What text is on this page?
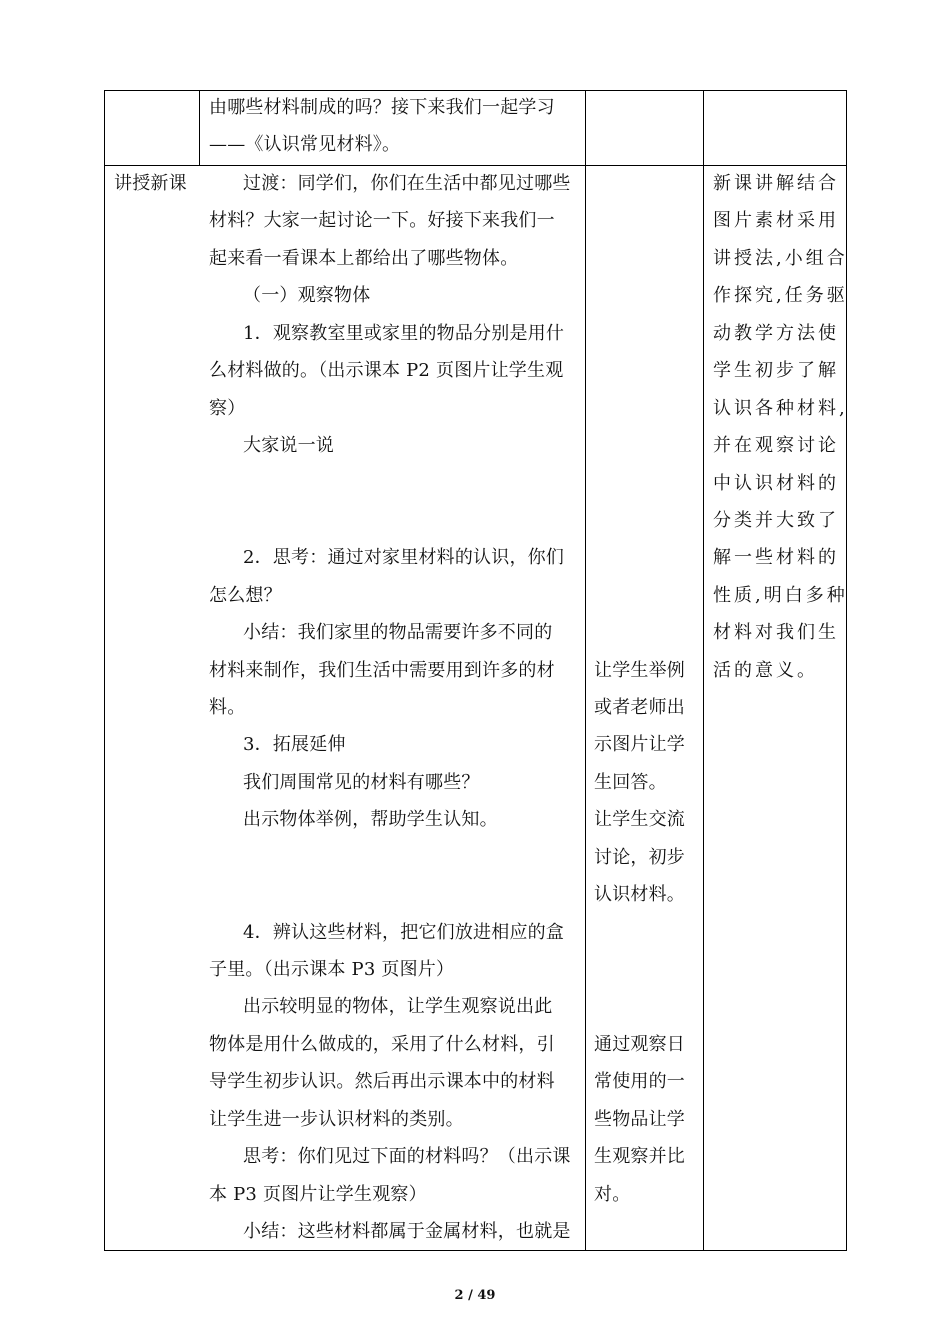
由哪些材料制成的吗？接下来我们一起学习
——《认识常见材料》。
讲授新课	过渡：同学们，你们在生活中都见过哪些
材料？大家一起讨论一下。好接下来我们一
起来看一看课本上都给出了哪些物体。
（一）观察物体
1．观察教室里或家里的物品分别是用什
么材料做的。（出示课本 P2 页图片让学生观
察）
大家说一说
2．思考：通过对家里材料的认识，你们
怎么想？
小结：我们家里的物品需要许多不同的
材料来制作，我们生活中需要用到许多的材
料。
3．拓展延伸
我们周围常见的材料有哪些？
出示物体举例，帮助学生认知。
4．辨认这些材料，把它们放进相应的盒
子里。（出示课本 P3 页图片）
出示较明显的物体，让学生观察说出此
物体是用什么做成的，采用了什么材料，引
导学生初步认识。然后再出示课本中的材料
让学生进一步认识材料的类别。
思考：你们见过下面的材料吗？（出示课
本 P3 页图片让学生观察）
小结：这些材料都属于金属材料，也就是
让学生举例
或者老师出
示图片让学
生回答。
让学生交流
讨论，初步
认识材料。
通过观察日
常使用的一
些物品让学
生观察并比
对。
新课讲解结合
图片素材采用
讲授法,小组合
作探究,任务驱
动教学方法使
学生初步了解
认识各种材料,
并在观察讨论
中认识材料的
分类并大致了
解一些材料的
性质,明白多种
材料对我们生
活的意义。
2 / 49
